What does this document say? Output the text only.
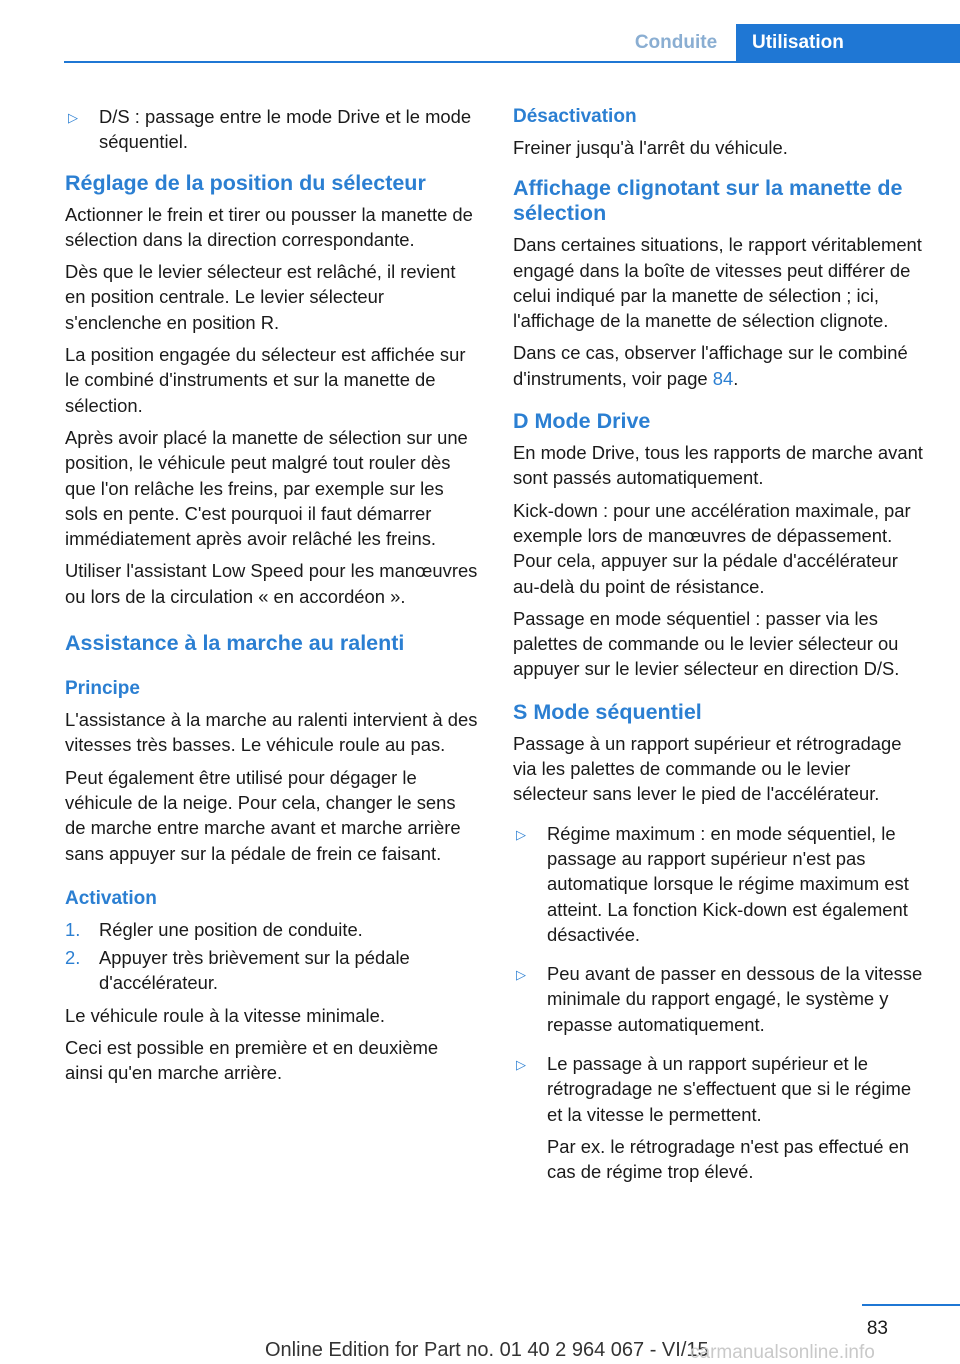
Conduite	Utilisation
▷ D/S : passage entre le mode Drive et le mode séquentiel.
Réglage de la position du sélecteur

Actionner le frein et tirer ou pousser la manette de sélection dans la direction correspondante.

Dès que le levier sélecteur est relâché, il revient en position centrale. Le levier sélecteur s'enclenche en position R.

La position engagée du sélecteur est affichée sur le combiné d'instruments et sur la manette de sélection.

Après avoir placé la manette de sélection sur une position, le véhicule peut malgré tout rouler dès que l'on relâche les freins, par exemple sur les sols en pente. C'est pourquoi il faut démarrer immédiatement après avoir relâché les freins.

Utiliser l'assistant Low Speed pour les manœuvres ou lors de la circulation « en accordéon ».

Assistance à la marche au ralenti
Principe

L'assistance à la marche au ralenti intervient à des vitesses très basses. Le véhicule roule au pas.

Peut également être utilisé pour dégager le véhicule de la neige. Pour cela, changer le sens de marche entre marche avant et marche arrière sans appuyer sur la pédale de frein ce faisant.

Activation
1. Régler une position de conduite.
2. Appuyer très brièvement sur la pédale d'accélérateur.

Le véhicule roule à la vitesse minimale.

Ceci est possible en première et en deuxième ainsi qu'en marche arrière.

Désactivation

Freiner jusqu'à l'arrêt du véhicule.

Affichage clignotant sur la manette de sélection

Dans certaines situations, le rapport véritablement engagé dans la boîte de vitesses peut différer de celui indiqué par la manette de sélection ; ici, l'affichage de la manette de sélection clignote.

Dans ce cas, observer l'affichage sur le combiné d'instruments, voir page 84.

D Mode Drive

En mode Drive, tous les rapports de marche avant sont passés automatiquement.

Kick-down : pour une accélération maximale, par exemple lors de manœuvres de dépassement. Pour cela, appuyer sur la pédale d'accélérateur au-delà du point de résistance.

Passage en mode séquentiel : passer via les palettes de commande ou le levier sélecteur ou appuyer sur le levier sélecteur en direction D/S.

S Mode séquentiel

Passage à un rapport supérieur et rétrogradage via les palettes de commande ou le levier sélecteur sans lever le pied de l'accélérateur.

▷ Régime maximum : en mode séquentiel, le passage au rapport supérieur n'est pas automatique lorsque le régime maximum est atteint. La fonction Kick-down est également désactivée.
▷ Peu avant de passer en dessous de la vitesse minimale du rapport engagé, le système y repasse automatiquement.
▷ Le passage à un rapport supérieur et le rétrogradage ne s'effectuent que si le régime et la vitesse le permettent.

Par ex. le rétrogradage n'est pas effectué en cas de régime trop élevé.

83
Online Edition for Part no. 01 40 2 964 067 - VI/15
carmanualsonline.info
